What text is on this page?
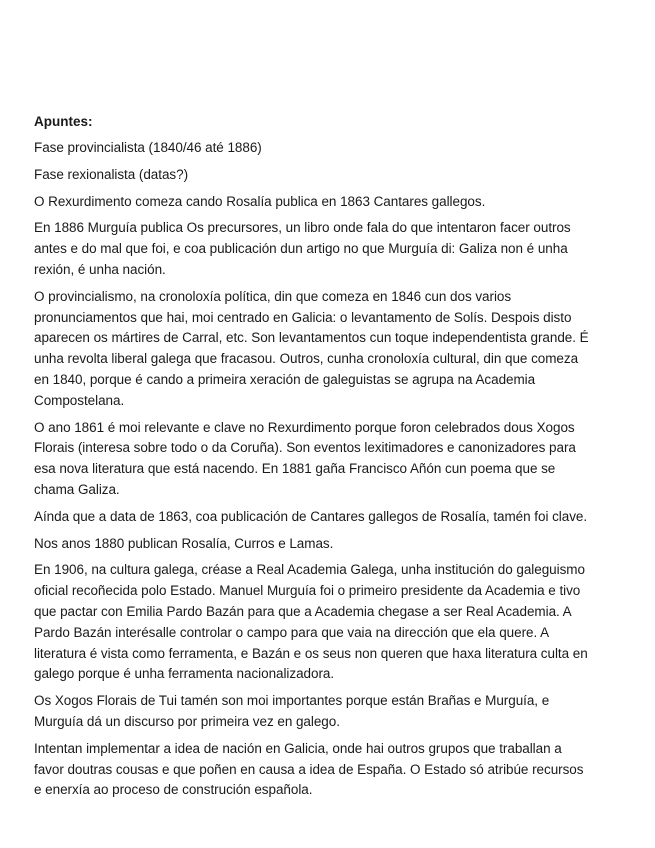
Apuntes:
Fase provincialista (1840/46 até 1886)
Fase rexionalista (datas?)
O Rexurdimento comeza cando Rosalía publica en 1863 Cantares gallegos.
En 1886 Murguía publica Os precursores, un libro onde fala do que intentaron facer outros
antes e do mal que foi, e coa publicación dun artigo no que Murguía di: Galiza non é unha
rexión, é unha nación.
O provincialismo, na cronoloxía política, din que comeza en 1846 cun dos varios
pronunciamentos que hai, moi centrado en Galicia: o levantamento de Solís. Despois disto
aparecen os mártires de Carral, etc. Son levantamentos cun toque independentista grande. É
unha revolta liberal galega que fracasou. Outros, cunha cronoloxía cultural, din que comeza
en 1840, porque é cando a primeira xeración de galeguistas se agrupa na Academia
Compostelana.
O ano 1861 é moi relevante e clave no Rexurdimento porque foron celebrados dous Xogos
Florais (interesa sobre todo o da Coruña). Son eventos lexitimadores e canonizadores para
esa nova literatura que está nacendo. En 1881 gaña Francisco Añón cun poema que se
chama Galiza.
Aínda que a data de 1863, coa publicación de Cantares gallegos de Rosalía, tamén foi clave.
Nos anos 1880 publican Rosalía, Curros e Lamas.
En 1906, na cultura galega, créase a Real Academia Galega, unha institución do galeguismo
oficial recoñecida polo Estado. Manuel Murguía foi o primeiro presidente da Academia e tivo
que pactar con Emilia Pardo Bazán para que a Academia chegase a ser Real Academia. A
Pardo Bazán interésalle controlar o campo para que vaia na dirección que ela quere. A
literatura é vista como ferramenta, e Bazán e os seus non queren que haxa literatura culta en
galego porque é unha ferramenta nacionalizadora.
Os Xogos Florais de Tui tamén son moi importantes porque están Brañas e Murguía, e
Murguía dá un discurso por primeira vez en galego.
Intentan implementar a idea de nación en Galicia, onde hai outros grupos que traballan a
favor doutras cousas e que poñen en causa a idea de España. O Estado só atribúe recursos
e enerxía ao proceso de construción española.
